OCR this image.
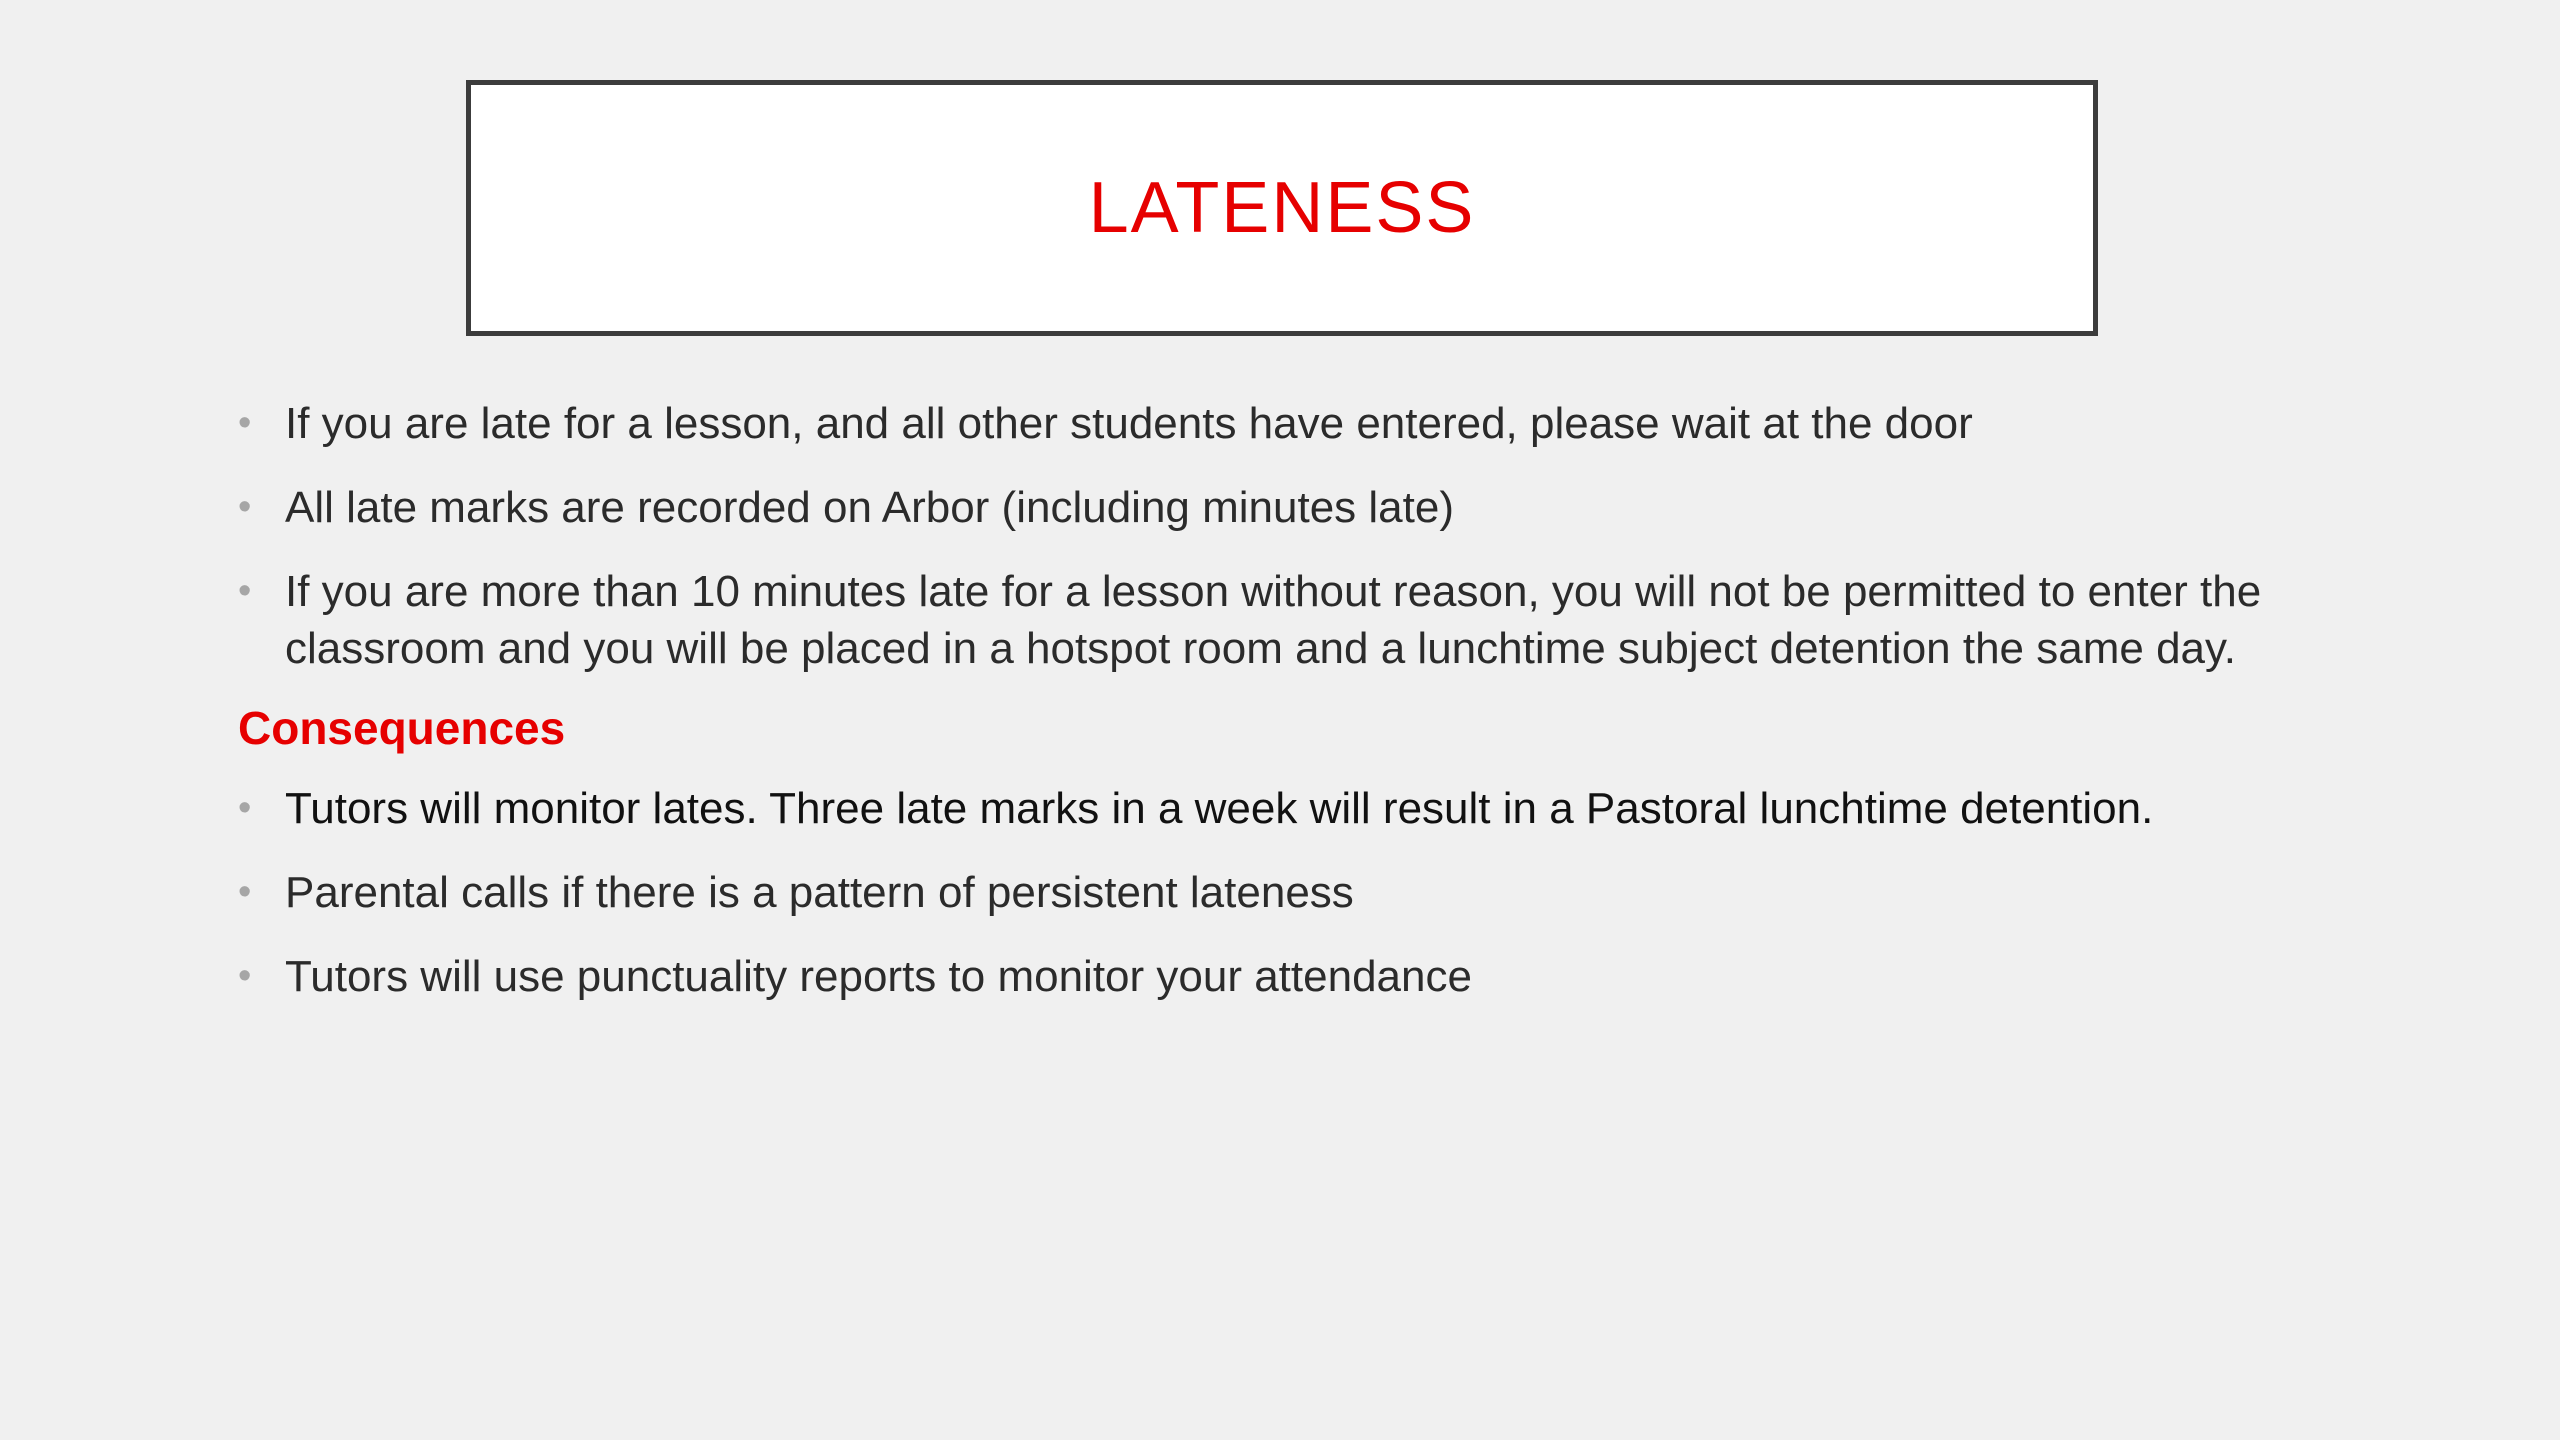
LATENESS
• If you are late for a lesson, and all other students have entered, please wait at the door
• All late marks are recorded on Arbor (including minutes late)
• If you are more than 10 minutes late for a lesson without reason, you will not be permitted to enter the classroom and you will be placed in a hotspot room and a lunchtime subject detention the same day.
Consequences
• Tutors will monitor lates. Three late marks in a week will result in a Pastoral lunchtime detention.
• Parental calls if there is a pattern of persistent lateness
• Tutors will use punctuality reports to monitor your attendance
